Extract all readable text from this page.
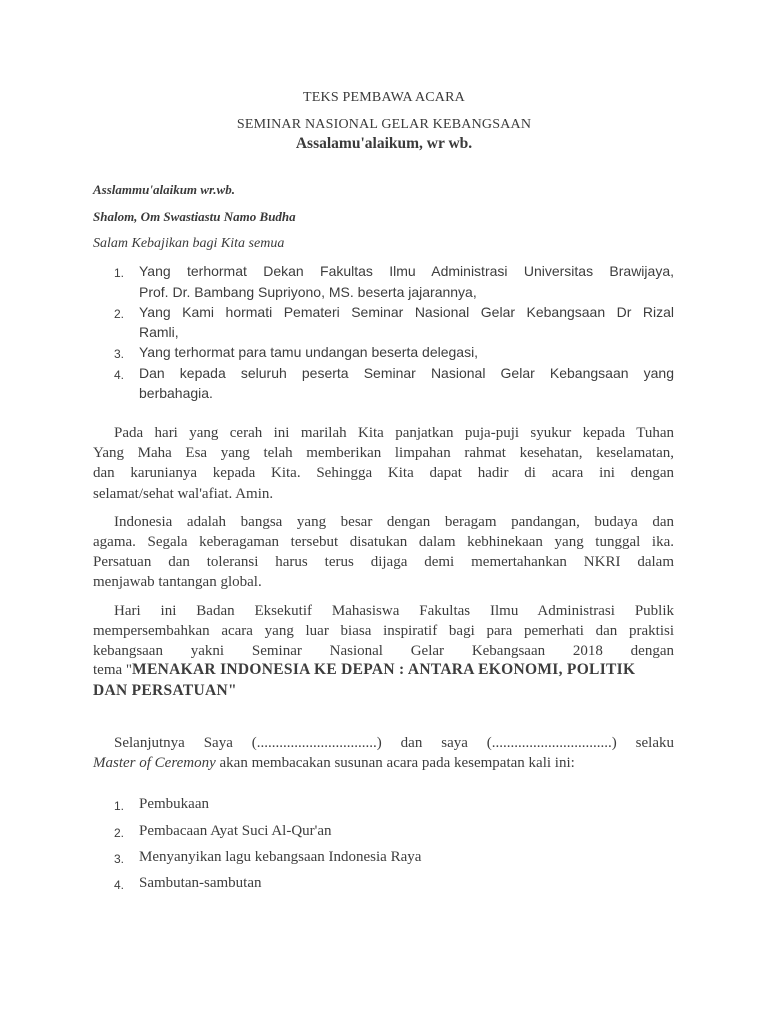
TEKS PEMBAWA ACARA
SEMINAR NASIONAL GELAR KEBANGSAAN
Assalamu'alaikum, wr wb.
Asslammu'alaikum wr.wb.
Shalom, Om Swastiastu Namo Budha
Salam Kebajikan bagi Kita semua
1. Yang terhormat Dekan Fakultas Ilmu Administrasi Universitas Brawijaya,
Prof. Dr. Bambang Supriyono, MS. beserta jajarannya,
2. Yang Kami hormati Pemateri Seminar Nasional Gelar Kebangsaan Dr Rizal
Ramli,
3. Yang terhormat para tamu undangan beserta delegasi,
4. Dan kepada seluruh peserta Seminar Nasional Gelar Kebangsaan yang
berbahagia.
Pada hari yang cerah ini marilah Kita panjatkan puja-puji syukur kepada Tuhan
Yang Maha Esa yang telah memberikan limpahan rahmat kesehatan, keselamatan,
dan karunianya kepada Kita. Sehingga Kita dapat hadir di acara ini dengan
selamat/sehat wal'afiat. Amin.
Indonesia adalah bangsa yang besar dengan beragam pandangan, budaya dan
agama. Segala keberagaman tersebut disatukan dalam kebhinekaan yang tunggal ika.
Persatuan dan toleransi harus terus dijaga demi memertahankan NKRI dalam
menjawab tantangan global.
Hari ini Badan Eksekutif Mahasiswa Fakultas Ilmu Administrasi Publik
mempersembahkan acara yang luar biasa inspiratif bagi para pemerhati dan praktisi
kebangsaan yakni Seminar Nasional Gelar Kebangsaan 2018 dengan
tema "MENAKAR INDONESIA KE DEPAN : ANTARA EKONOMI, POLITIK
DAN PERSATUAN"
Selanjutnya Saya (................................) dan saya (................................) selaku
Master of Ceremony akan membacakan susunan acara pada kesempatan kali ini:
1. Pembukaan
2. Pembacaan Ayat Suci Al-Qur'an
3. Menyanyikan lagu kebangsaan Indonesia Raya
4. Sambutan-sambutan
